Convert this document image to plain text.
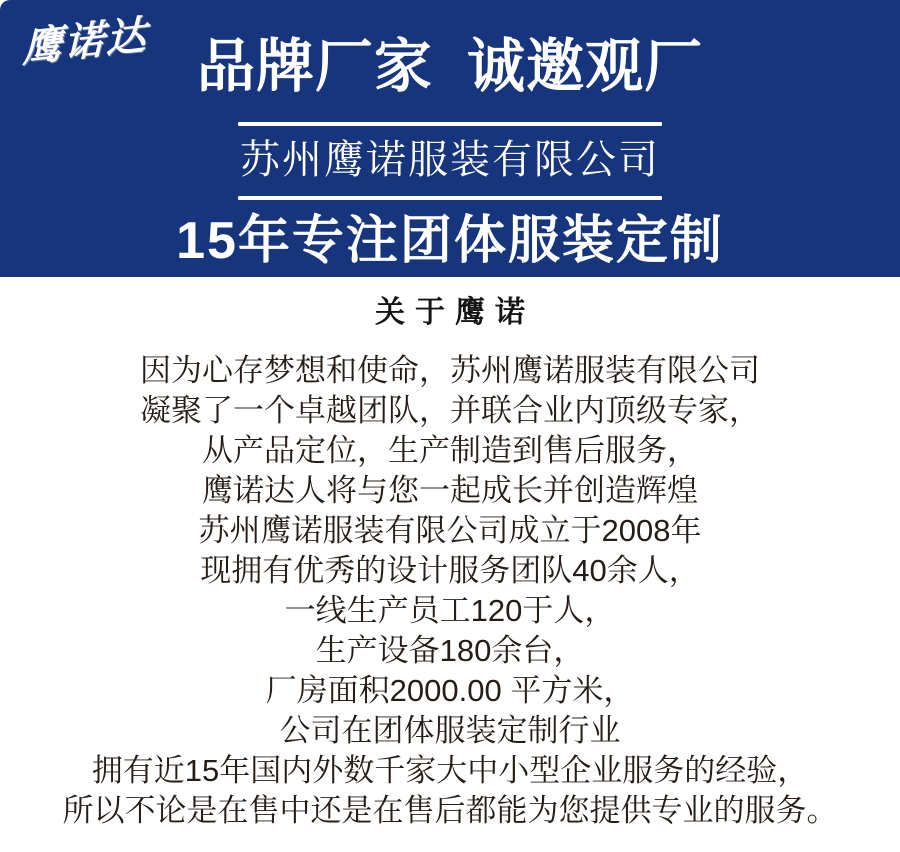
鹰诺达 品牌厂家  诚邀观厂
苏州鹰诺服装有限公司
15年专注团体服装定制
关于鹰诺
因为心存梦想和使命，苏州鹰诺服装有限公司
凝聚了一个卓越团队，并联合业内顶级专家，
从产品定位，生产制造到售后服务，
鹰诺达人将与您一起成长并创造辉煌
苏州鹰诺服装有限公司成立于2008年
现拥有优秀的设计服务团队40余人，
一线生产员工120于人，
生产设备180余台，
厂房面积2000.00 平方米，
公司在团体服装定制行业
拥有近15年国内外数千家大中小型企业服务的经验，
所以不论是在售中还是在售后都能为您提供专业的服务。
